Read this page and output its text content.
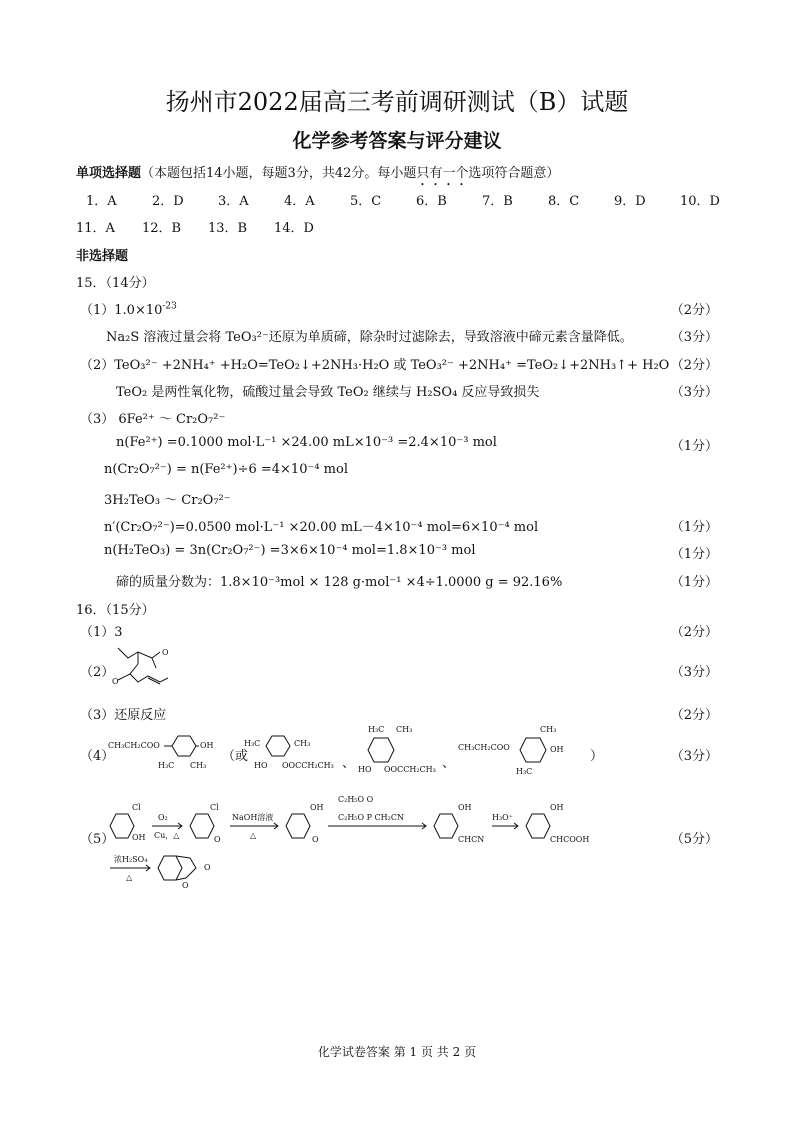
扬州市2022届高三考前调研测试（B）试题
化学参考答案与评分建议
单项选择题（本题包括14小题，每题3分，共42分。每小题只有一个选项符合题意）
1．A	2．D	3．A	4．A	5．C	6．B	7．B	8．C	9．D	10．D
11．A 12．B 13．B 14．D
非选择题
15．（14分）
$(1)1.0\times 10^{-23}$	（2分）
Na₂S 溶液过量会将 TeO₃²⁻还原为单质碲，除杂时过滤除去，导致溶液中碲元素含量降低。	（3分）
（2）TeO₃²⁻ +2NH₄⁺ +H₂O=TeO₂↓+2NH₃·H₂O 或 TeO₃²⁻ +2NH₄⁺ =TeO₂↓+2NH₃↑+ H₂O （2分）
TeO₂ 是两性氧化物，硫酸过量会导致 TeO₂ 继续与 H₂SO₄ 反应导致损失	（3分）
（3） 6Fe²⁺ ～ Cr₂O₇²⁻
n(Fe²⁺) =0.1000 mol·L⁻¹ ×24.00 mL×10⁻³ =2.4×10⁻³ mol	（1分）
n(Cr₂O₇²⁻) = n(Fe²⁺)÷6 =4×10⁻⁴ mol
3H₂TeO₃ ～ Cr₂O₇²⁻
n′(Cr₂O₇²⁻)=0.0500 mol·L⁻¹ ×20.00 mL－4×10⁻⁴ mol=6×10⁻⁴ mol	（1分）
n(H₂TeO₃) = 3n(Cr₂O₇²⁻) =3×6×10⁻⁴ mol=1.8×10⁻³ mol	（1分）
碲的质量分数为：1.8×10⁻³mol × 128 g·mol⁻¹ ×4÷1.0000 g = 92.16%	（1分）
16．（15分）
（1）3	（2分）
（2）
O
O
（3分）
（3）还原反应	（2分）
（4）
CH₃CH₂COO	OH
H₃C CH₃
（或
H₃C	CH₃
HO OOCCH₂CH₃ 、
H₃C CH₃
HO OOCCH₂CH₃ 、
CH₃CH₂COO
CH₃
OH
H₃C
）	（3分）
（5）
Cl
OH
O₂
Cu，△
Cl
O
NaOH溶液
△
OH
O
C₂H₅O O
C₂H₅O P CH₂CN
OH
CHCN
H₃O⁺
OH
CHCOOH
浓H₂SO₄
△
O
O
（5分）
化学试卷答案 第 1 页 共 2 页
